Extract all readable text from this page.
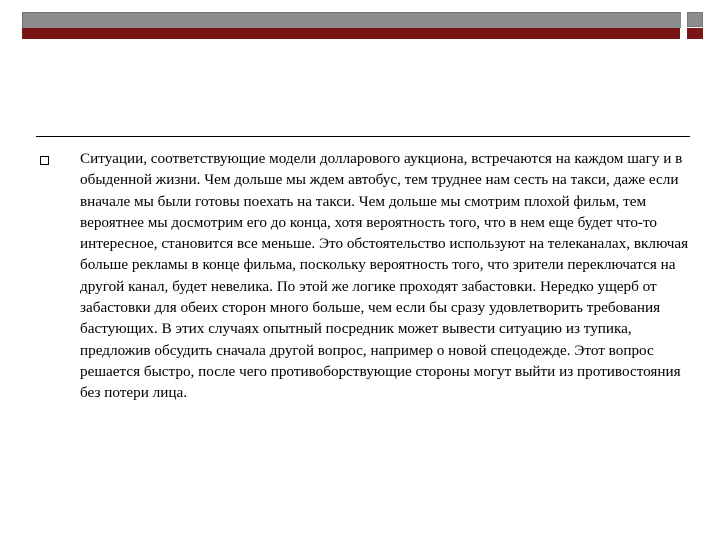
Ситуации, соответствующие модели долларового аукциона, встречаются на каждом шагу и в обыденной жизни. Чем дольше мы ждем автобус, тем труднее нам сесть на такси, даже если вначале мы были готовы поехать на такси. Чем дольше мы смотрим плохой фильм, тем вероятнее мы досмотрим его до конца, хотя вероятность того, что в нем еще будет что-то интересное, становится все меньше. Это обстоятельство используют на телеканалах, включая больше рекламы в конце фильма, поскольку вероятность того, что зрители переключатся на другой канал, будет невелика. По этой же логике проходят забастовки. Нередко ущерб от забастовки для обеих сторон много больше, чем если бы сразу удовлетворить требования бастующих. В этих случаях опытный посредник может вывести ситуацию из тупика, предложив обсудить сначала другой вопрос, например о новой спецодежде. Этот вопрос решается быстро, после чего противоборствующие стороны могут выйти из противостояния без потери лица.
